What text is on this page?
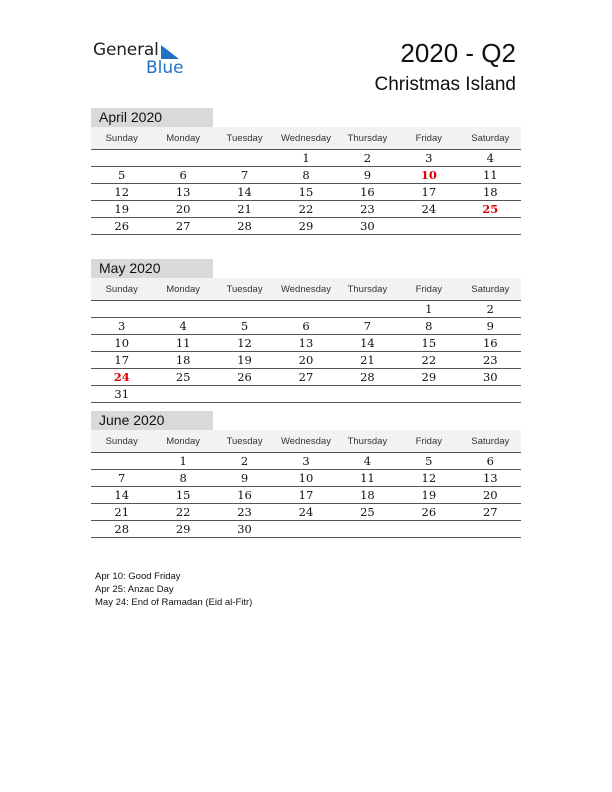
General
Blue	2020 - Q2
Christmas Island
April 2020
Sunday	Monday	Tuesday	Wednesday	Thursday	Friday	Saturday
			1	2	3	4
5	6	7	8	9	10	11
12	13	14	15	16	17	18
19	20	21	22	23	24	25
26	27	28	29	30		
May 2020
Sunday	Monday	Tuesday	Wednesday	Thursday	Friday	Saturday
					1	2
3	4	5	6	7	8	9
10	11	12	13	14	15	16
17	18	19	20	21	22	23
24	25	26	27	28	29	30
31						
June 2020
Sunday	Monday	Tuesday	Wednesday	Thursday	Friday	Saturday
	1	2	3	4	5	6
7	8	9	10	11	12	13
14	15	16	17	18	19	20
21	22	23	24	25	26	27
28	29	30				
Apr 10: Good Friday
Apr 25: Anzac Day
May 24: End of Ramadan (Eid al-Fitr)
